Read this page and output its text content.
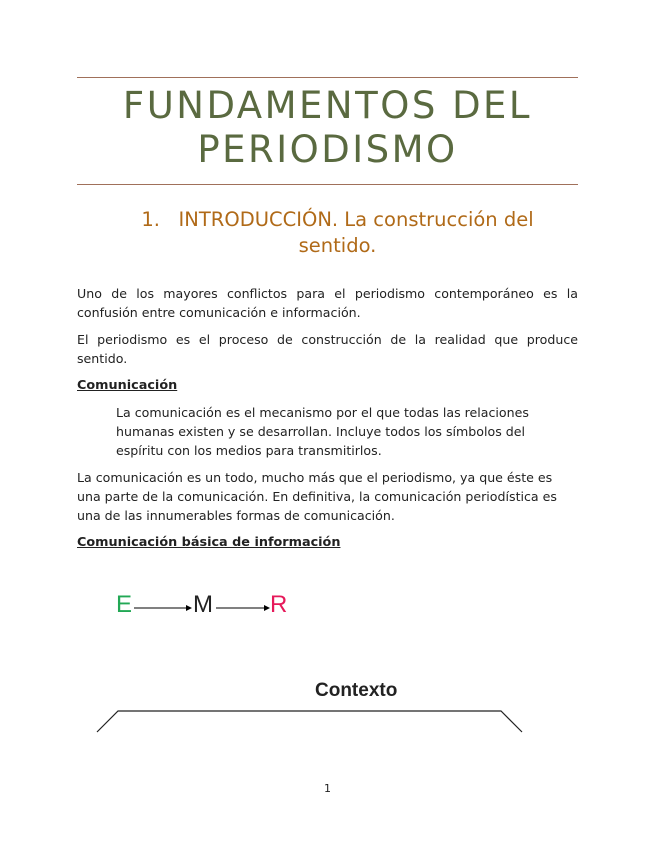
FUNDAMENTOS DEL PERIODISMO
1. INTRODUCCIÓN. La construcción del sentido.

Uno de los mayores conflictos para el periodismo contemporáneo es la confusión entre comunicación e información.

El periodismo es el proceso de construcción de la realidad que produce sentido.

Comunicación
La comunicación es el mecanismo por el que todas las relaciones humanas existen y se desarrollan. Incluye todos los símbolos del espíritu con los medios para transmitirlos.

La comunicación es un todo, mucho más que el periodismo, ya que éste es una parte de la comunicación. En definitiva, la comunicación periodística es una de las innumerables formas de comunicación.

Comunicación básica de información
E	M R
Contexto
1
